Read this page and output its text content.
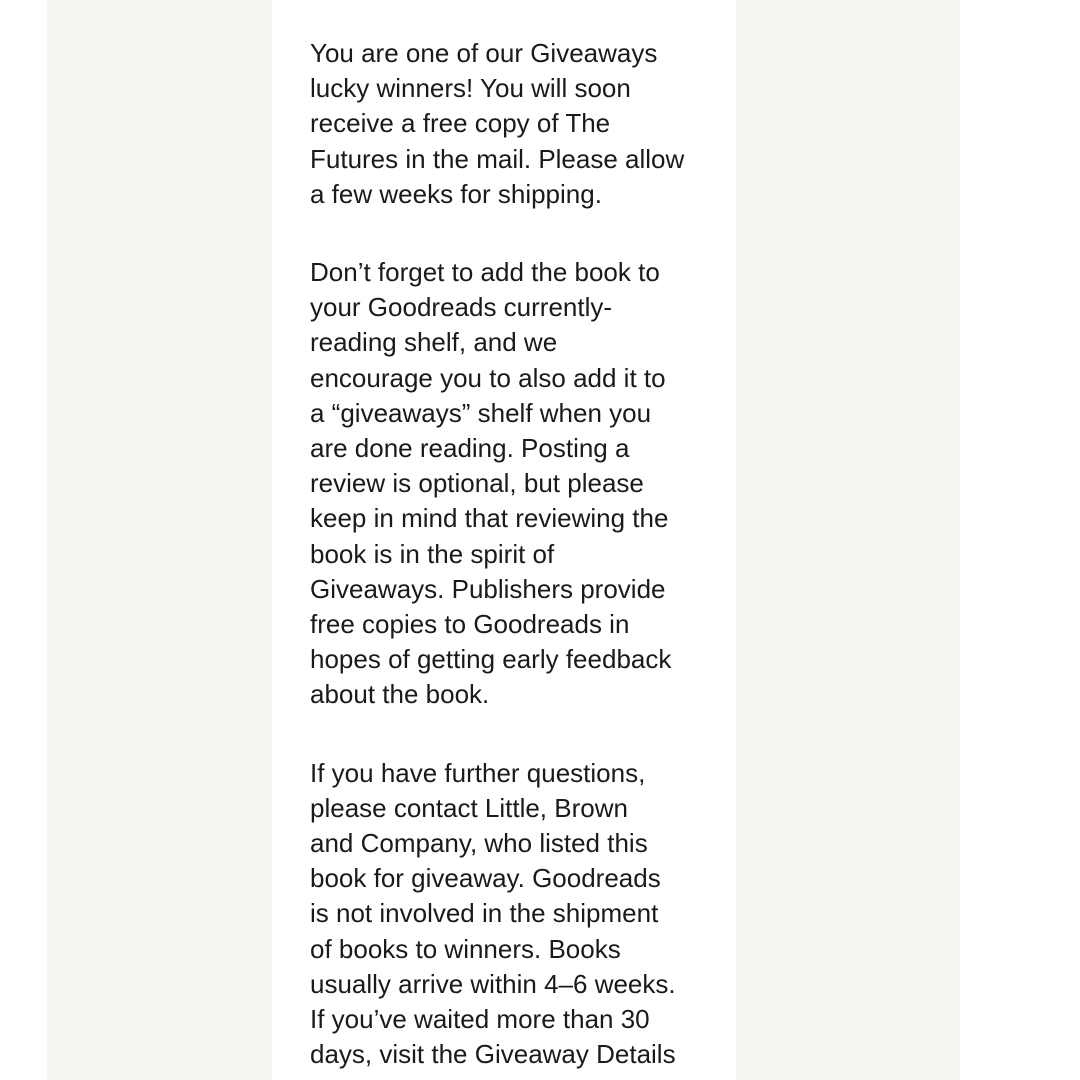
You are one of our Giveaways
lucky winners! You will soon
receive a free copy of The
Futures in the mail. Please allow
a few weeks for shipping.

Don’t forget to add the book to
your Goodreads currently-
reading shelf, and we
encourage you to also add it to
a “giveaways” shelf when you
are done reading. Posting a
review is optional, but please
keep in mind that reviewing the
book is in the spirit of
Giveaways. Publishers provide
free copies to Goodreads in
hopes of getting early feedback
about the book.

If you have further questions,
please contact Little, Brown
and Company, who listed this
book for giveaway. Goodreads
is not involved in the shipment
of books to winners. Books
usually arrive within 4–6 weeks.
If you’ve waited more than 30
days, visit the Giveaway Details
